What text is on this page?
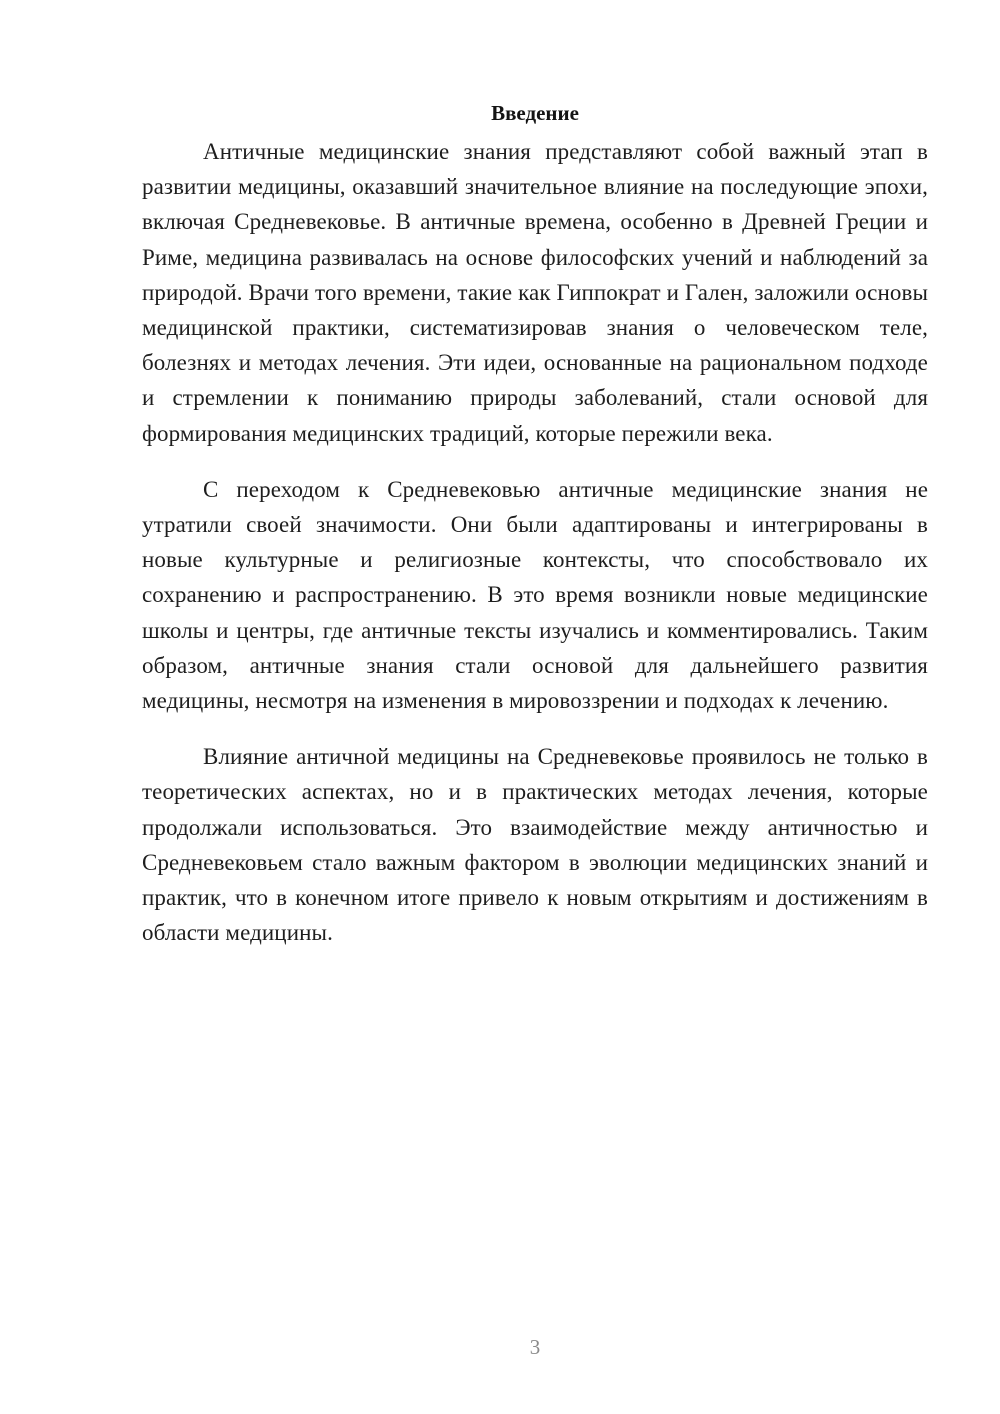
Введение

Античные медицинские знания представляют собой важный этап в развитии медицины, оказавший значительное влияние на последующие эпохи, включая Средневековье. В античные времена, особенно в Древней Греции и Риме, медицина развивалась на основе философских учений и наблюдений за природой. Врачи того времени, такие как Гиппократ и Гален, заложили основы медицинской практики, систематизировав знания о человеческом теле, болезнях и методах лечения. Эти идеи, основанные на рациональном подходе и стремлении к пониманию природы заболеваний, стали основой для формирования медицинских традиций, которые пережили века.

С переходом к Средневековью античные медицинские знания не утратили своей значимости. Они были адаптированы и интегрированы в новые культурные и религиозные контексты, что способствовало их сохранению и распространению. В это время возникли новые медицинские школы и центры, где античные тексты изучались и комментировались. Таким образом, античные знания стали основой для дальнейшего развития медицины, несмотря на изменения в мировоззрении и подходах к лечению.

Влияние античной медицины на Средневековье проявилось не только в теоретических аспектах, но и в практических методах лечения, которые продолжали использоваться. Это взаимодействие между античностью и Средневековьем стало важным фактором в эволюции медицинских знаний и практик, что в конечном итоге привело к новым открытиям и достижениям в области медицины.

3
